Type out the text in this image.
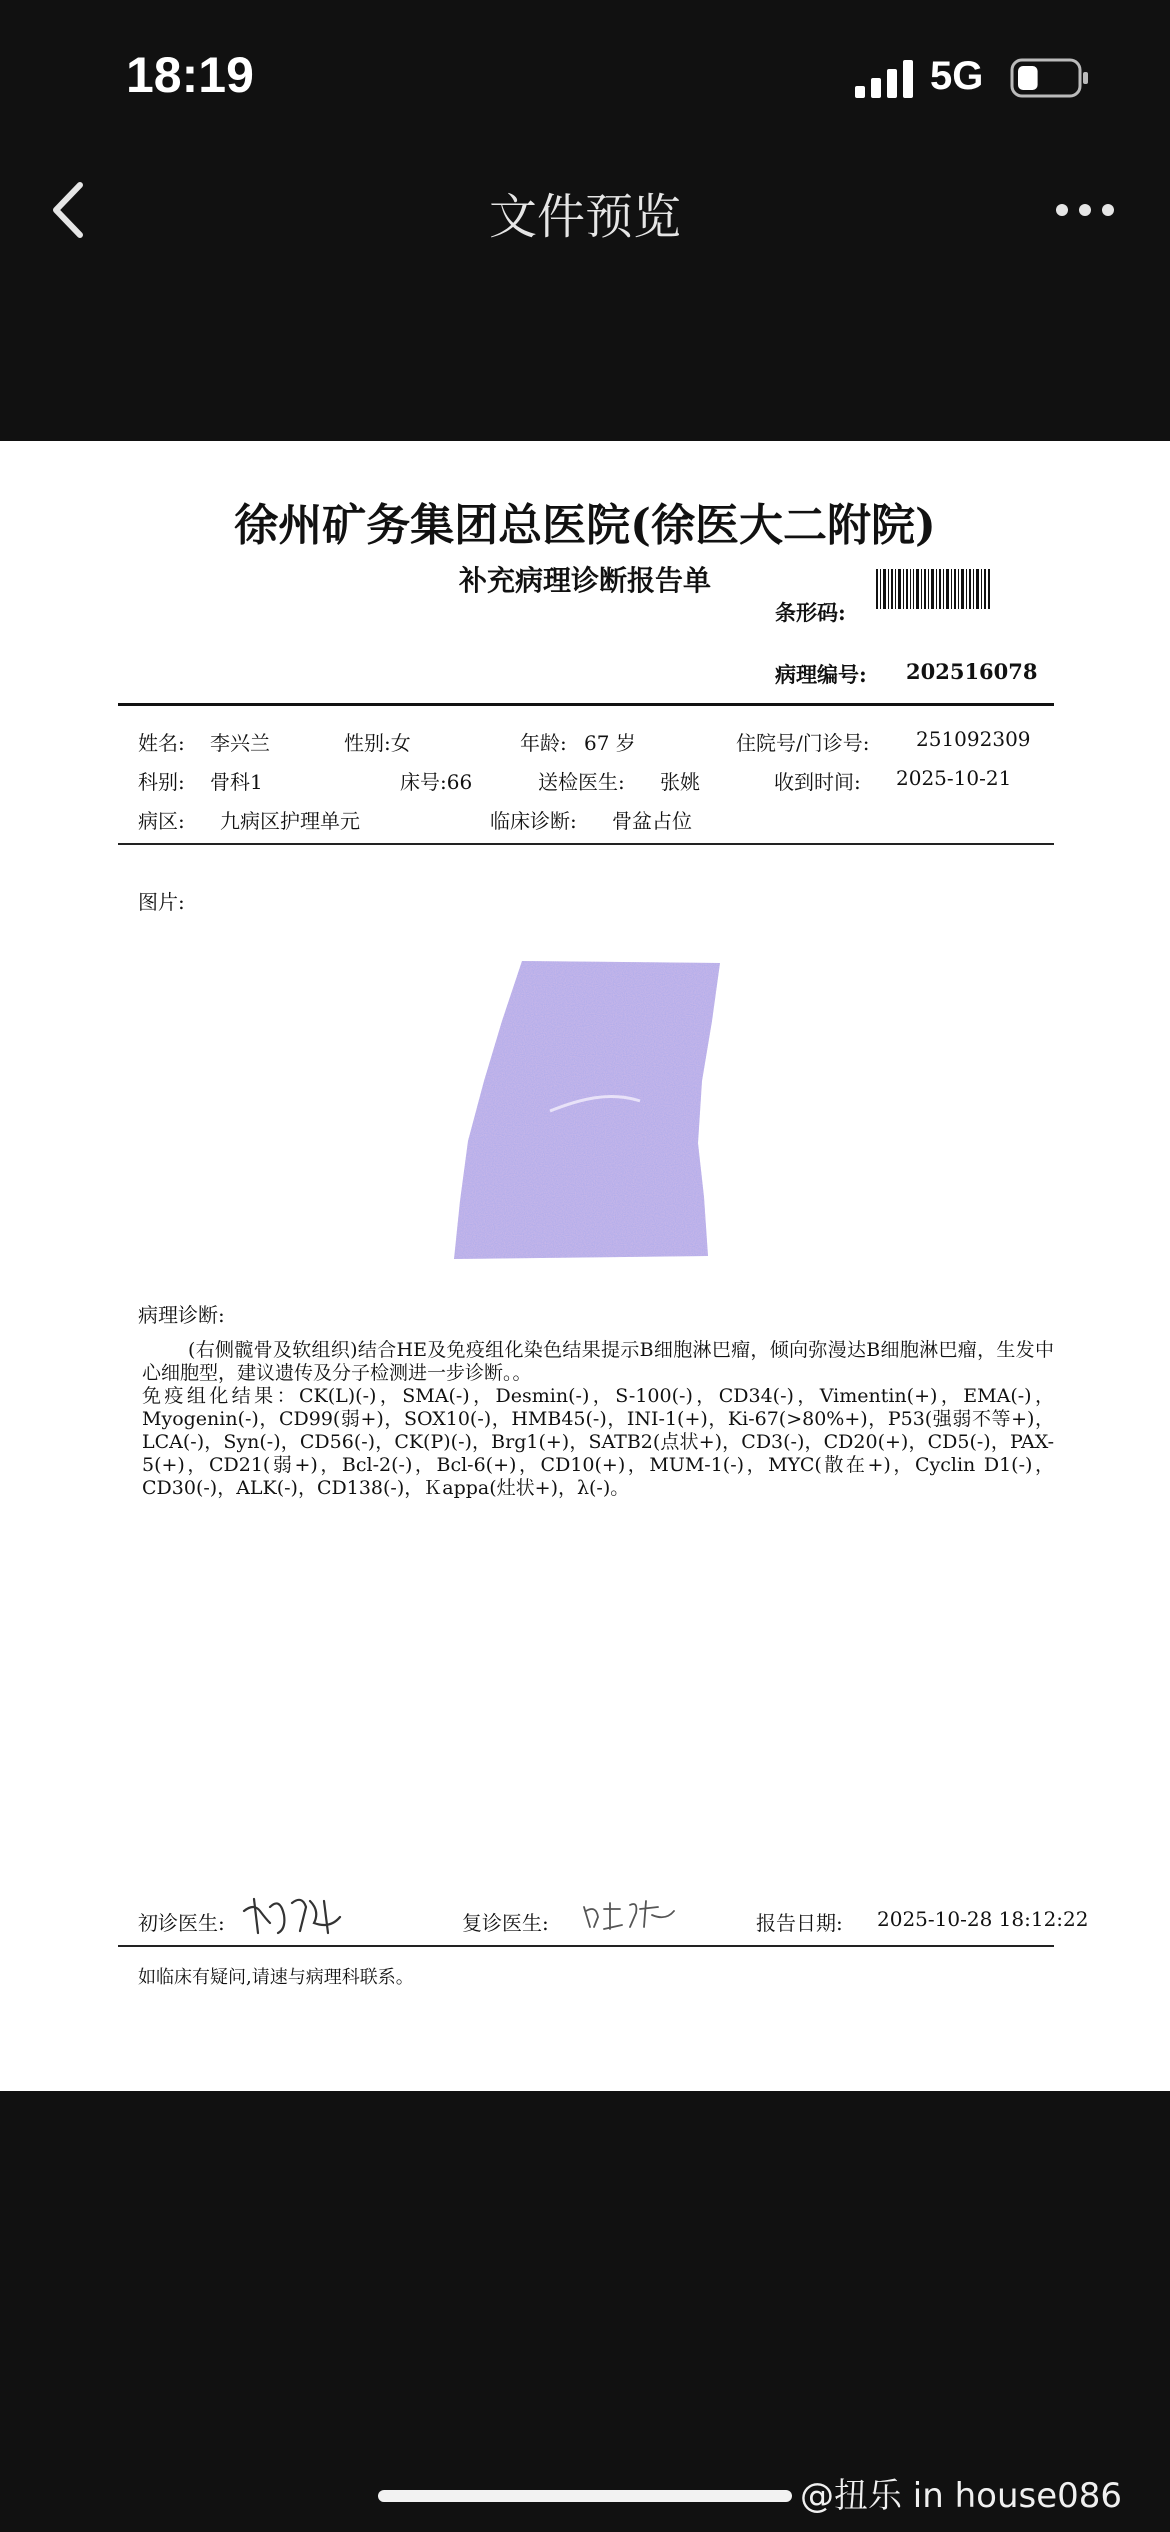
18:19	5G
文件预览
徐州矿务集团总医院(徐医大二附院)
补充病理诊断报告单
条形码:
病理编号: 202516078
姓名: 李兴兰	性别:女	年龄: 67 岁	住院号/门诊号: 251092309
科别: 骨科1	床号:66	送检医生: 张姚	收到时间: 2025-10-21
病区: 九病区护理单元	临床诊断: 骨盆占位
图片:
病理诊断:
(右侧髋骨及软组织)结合HE及免疫组化染色结果提示B细胞淋巴瘤，倾向弥漫达B细胞淋巴瘤，生发中心细胞型，建议遗传及分子检测进一步诊断。。
免疫组化结果：CK(L)(-)，SMA(-)，Desmin(-)，S-100(-)，CD34(-)，Vimentin(+)，EMA(-)，Myogenin(-)，CD99(弱+)，SOX10(-)，HMB45(-)，INI-1(+)，Ki-67(>80%+)，P53(强弱不等+)，LCA(-)，Syn(-)，CD56(-)，CK(P)(-)，Brg1(+)，SATB2(点状+)，CD3(-)，CD20(+)，CD5(-)，PAX-5(+)，CD21(弱+)，Bcl-2(-)，Bcl-6(+)，CD10(+)，MUM-1(-)，MYC(散在+)，Cyclin D1(-)，CD30(-)，ALK(-)，CD138(-)，Ｋappa(灶状+)，λ(-)。
初诊医生:	复诊医生:	报告日期: 2025-10-28 18:12:22
如临床有疑问,请速与病理科联系。
@扭乐 in house086
